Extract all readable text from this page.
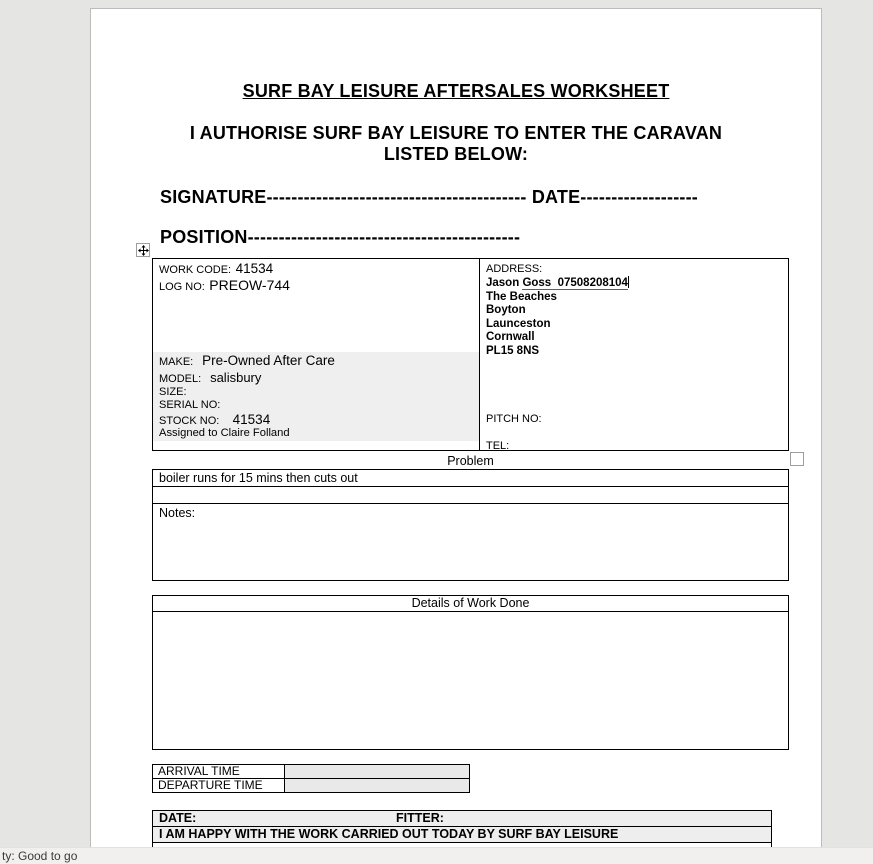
SURF BAY LEISURE AFTERSALES WORKSHEET
I AUTHORISE SURF BAY LEISURE TO ENTER THE CARAVAN
LISTED BELOW:
SIGNATURE------------------------------------------ DATE-------------------
POSITION--------------------------------------------
WORK CODE: 41534
LOG NO: PREOW-744
MAKE: Pre-Owned After Care
MODEL: salisbury
SIZE:
SERIAL NO:
STOCK NO: 41534
Assigned to Claire Folland
ADDRESS:
Jason Goss  07508208104
The Beaches
Boyton
Launceston
Cornwall
PL15 8NS
PITCH NO:
TEL:
Problem
boiler runs for 15 mins then cuts out
Notes:
Details of Work Done
ARRIVAL TIME
DEPARTURE TIME
DATE:	FITTER:
I AM HAPPY WITH THE WORK CARRIED OUT TODAY BY SURF BAY LEISURE
ty: Good to go
